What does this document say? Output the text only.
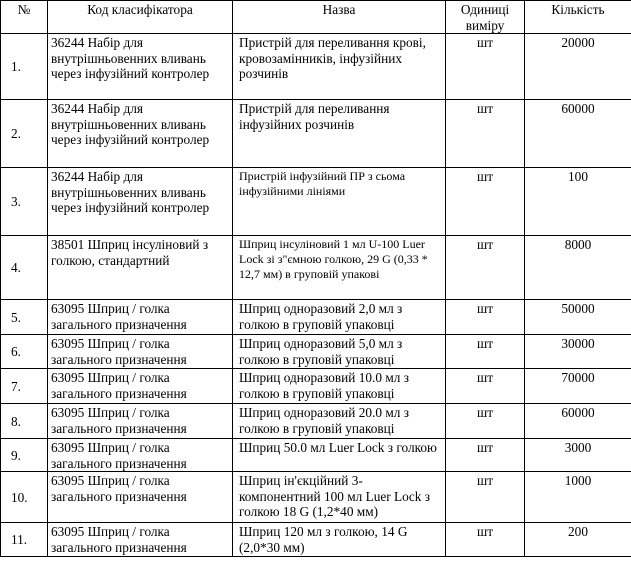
№	Код класифікатора	Назва	Одиниці виміру	Кількість
1.	36244 Набір для внутрішньовенних вливань через інфузійний контролер	Пристрій для переливання крові, кровозамінників, інфузійних розчинів	шт	20000
2.	36244 Набір для внутрішньовенних вливань через інфузійний контролер	Пристрій для переливання інфузійних розчинів	шт	60000
3.	36244 Набір для внутрішньовенних вливань через інфузійний контролер	Пристрій інфузійний ПР з сьома інфузійними лініями	шт	100
4.	38501 Шприц інсуліновий з голкою, стандартний	Шприц інсуліновий 1 мл U-100 Luer Lock зі з"ємною голкою, 29 G (0,33 * 12,7 мм) в груповій упакові	шт	8000
5.	63095 Шприц / голка загального призначення	Шприц одноразовий 2,0 мл з голкою в груповій упаковці	шт	50000
6.	63095 Шприц / голка загального призначення	Шприц одноразовий 5,0 мл з голкою в груповій упаковці	шт	30000
7.	63095 Шприц / голка загального призначення	Шприц одноразовий 10.0 мл з голкою в груповій упаковці	шт	70000
8.	63095 Шприц / голка загального призначення	Шприц одноразовий 20.0 мл з голкою в груповій упаковці	шт	60000
9.	63095 Шприц / голка загального призначення	Шприц 50.0 мл Luer Lock з голкою	шт	3000
10.	63095 Шприц / голка загального призначення	Шприц ін'єкційний 3-компонентний 100 мл Luer Lock з голкою 18 G (1,2*40 мм)	шт	1000
11.	63095 Шприц / голка загального призначення	Шприц 120 мл з голкою, 14 G (2,0*30 мм)	шт	200
